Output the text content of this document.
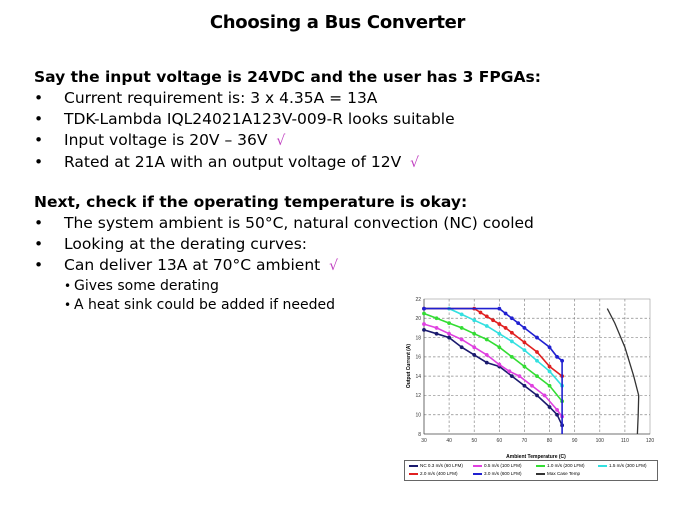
Choosing a Bus Converter
Say the input voltage is 24VDC and the user has 3 FPGAs:
• Current requirement is: 3 x 4.35A = 13A
• TDK-Lambda IQL24021A123V-009-R looks suitable
• Input voltage is 20V – 36V √
• Rated at 21A with an output voltage of 12V √
Next, check if the operating temperature is okay:
• The system ambient is 50°C, natural convection (NC) cooled
• Looking at the derating curves:
• Can deliver 13A at 70°C ambient √
• Gives some derating
• A heat sink could be added if needed
30	40	50	60	70	80	90	100	110	120
8
10
12
14
16
18
20
22
Ambient Temperature (C)
Output Current (A)
NC 0.3 m/s (60 LFM)	0.5 m/s (100 LFM)	1.0 m/s (200 LFM)	1.5 m/s (300 LFM)
2.0 m/s (400 LFM)	3.0 m/s (600 LFM)	Max Case Temp
